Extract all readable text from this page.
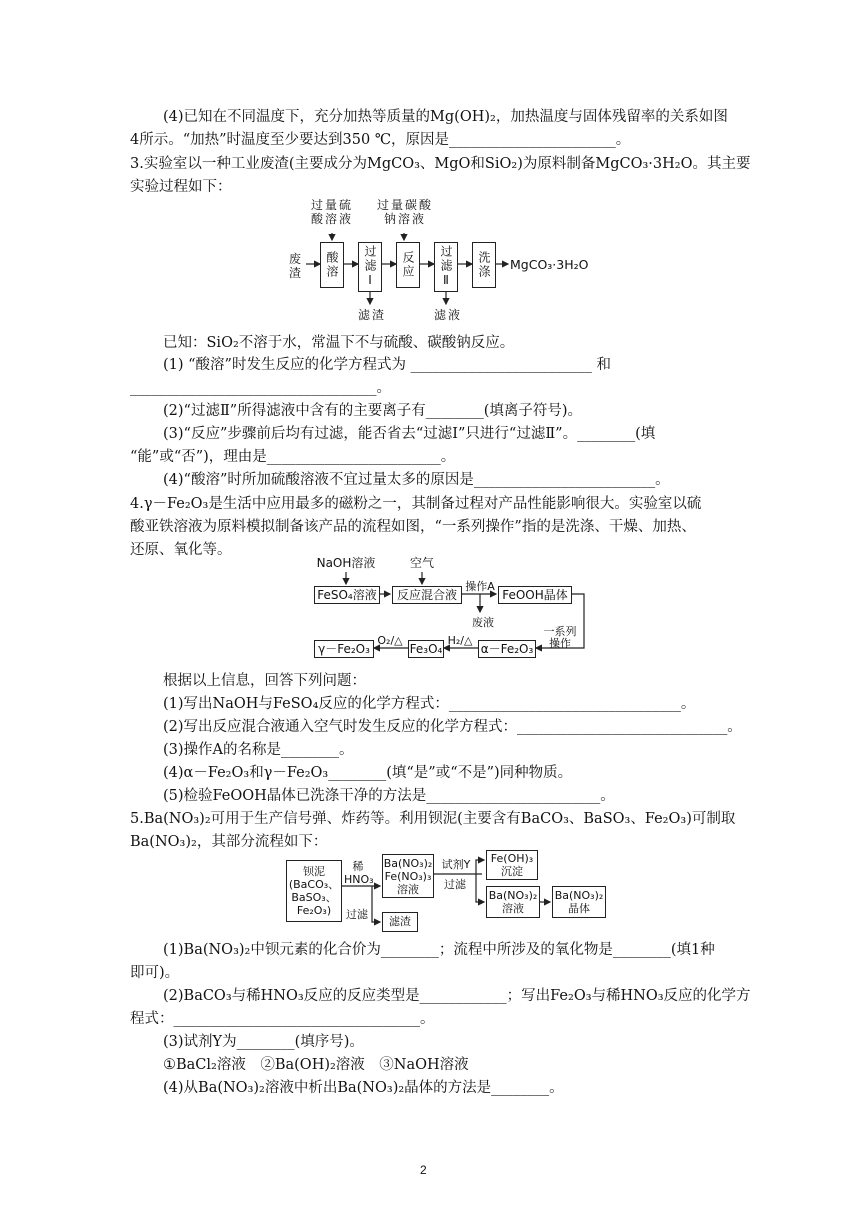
(4)已知在不同温度下，充分加热等质量的Mg(OH)₂，加热温度与固体残留率的关系如图
4所示。“加热”时温度至少要达到350 ℃，原因是_______________________。
3.实验室以一种工业废渣(主要成分为MgCO₃、MgO和SiO₂)为原料制备MgCO₃·3H₂O。其主要
实验过程如下：
过量硫
酸溶液
过量碳酸
钠溶液
废
渣	酸溶	过滤Ⅰ	反应	过滤Ⅱ	洗涤	MgCO₃·3H₂O
滤渣	滤液
已知：SiO₂不溶于水，常温下不与硫酸、碳酸钠反应。
(1) “酸溶”时发生反应的化学方程式为 _________________________ 和
__________________________________。
(2)“过滤Ⅱ”所得滤液中含有的主要离子有________(填离子符号)。
(3)“反应”步骤前后均有过滤，能否省去“过滤Ⅰ”只进行“过滤Ⅱ”。________(填
“能”或“否”)，理由是________________________。
(4)“酸溶”时所加硫酸溶液不宜过量太多的原因是_________________________。
4.γ－Fe₂O₃是生活中应用最多的磁粉之一，其制备过程对产品性能影响很大。实验室以硫
酸亚铁溶液为原料模拟制备该产品的流程如图，“一系列操作”指的是洗涤、干燥、加热、
还原、氧化等。
NaOH溶液	空气
FeSO₄溶液	反应混合液
操作A
FeOOH晶体
废液
一系列
操作
α－Fe₂O₃
H₂/△
Fe₃O₄
O₂/△
γ－Fe₂O₃
根据以上信息，回答下列问题：
(1)写出NaOH与FeSO₄反应的化学方程式：________________________________。
(2)写出反应混合液通入空气时发生反应的化学方程式：_____________________________。
(3)操作A的名称是________。
(4)α－Fe₂O₃和γ－Fe₂O₃________(填“是”或“不是”)同种物质。
(5)检验FeOOH晶体已洗涤干净的方法是________________________。
5.Ba(NO₃)₂可用于生产信号弹、炸药等。利用钡泥(主要含有BaCO₃、BaSO₃、Fe₂O₃)可制取
Ba(NO₃)₂，其部分流程如下：
钡泥
(BaCO₃、
BaSO₃、
Fe₂O₃)
稀
HNO₃
过滤
Ba(NO₃)₂
Fe(NO₃)₃
溶液
滤渣
试剂Y
过滤
Fe(OH)₃
沉淀
Ba(NO₃)₂
溶液
Ba(NO₃)₂
晶体
(1)Ba(NO₃)₂中钡元素的化合价为________；流程中所涉及的氧化物是________(填1种
即可)。
(2)BaCO₃与稀HNO₃反应的反应类型是____________；写出Fe₂O₃与稀HNO₃反应的化学方
程式：__________________________________。
(3)试剂Y为________(填序号)。
①BaCl₂溶液　②Ba(OH)₂溶液　③NaOH溶液
(4)从Ba(NO₃)₂溶液中析出Ba(NO₃)₂晶体的方法是________。
2
